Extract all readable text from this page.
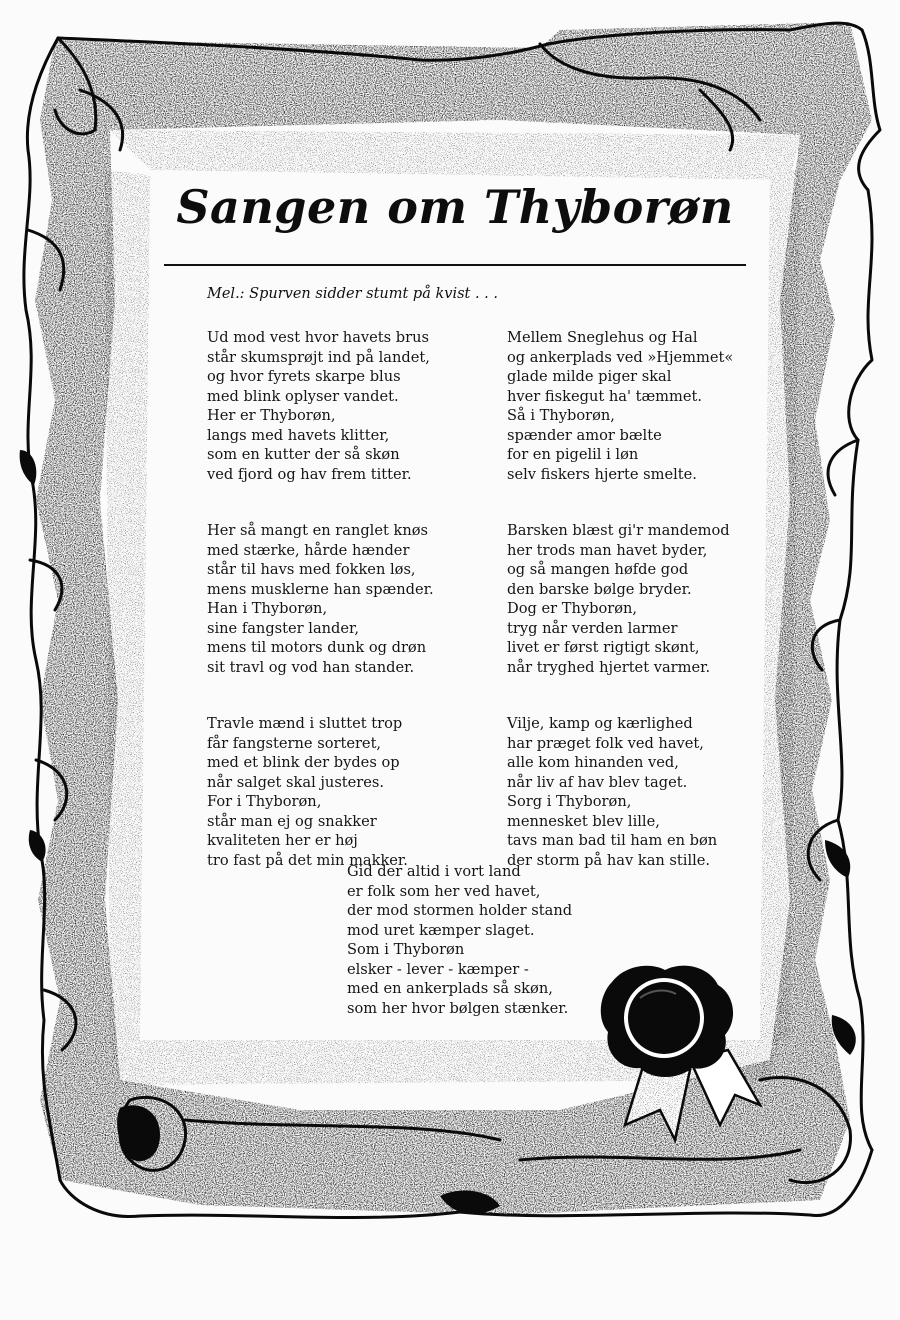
Sangen om Thyborøn
Mel.: Spurven sidder stumt på kvist . . .
Ud mod vest hvor havets brus
står skumsprøjt ind på landet,
og hvor fyrets skarpe blus
med blink oplyser vandet.
Her er Thyborøn,
langs med havets klitter,
som en kutter der så skøn
ved fjord og hav frem titter.
Her så mangt en ranglet knøs
med stærke, hårde hænder
står til havs med fokken løs,
mens musklerne han spænder.
Han i Thyborøn,
sine fangster lander,
mens til motors dunk og drøn
sit travl og vod han stander.
Travle mænd i sluttet trop
får fangsterne sorteret,
med et blink der bydes op
når salget skal justeres.
For i Thyborøn,
står man ej og snakker
kvaliteten her er høj
tro fast på det min makker.
Mellem Sneglehus og Hal
og ankerplads ved »Hjemmet«
glade milde piger skal
hver fiskegut ha' tæmmet.
Så i Thyborøn,
spænder amor bælte
for en pigelil i løn
selv fiskers hjerte smelte.
Barsken blæst gi'r mandemod
her trods man havet byder,
og så mangen høfde god
den barske bølge bryder.
Dog er Thyborøn,
tryg når verden larmer
livet er først rigtigt skønt,
når tryghed hjertet varmer.
Vilje, kamp og kærlighed
har præget folk ved havet,
alle kom hinanden ved,
når liv af hav blev taget.
Sorg i Thyborøn,
mennesket blev lille,
tavs man bad til ham en bøn
der storm på hav kan stille.
Gid der altid i vort land
er folk som her ved havet,
der mod stormen holder stand
mod uret kæmper slaget.
Som i Thyborøn
elsker - lever - kæmper -
med en ankerplads så skøn,
som her hvor bølgen stænker.
